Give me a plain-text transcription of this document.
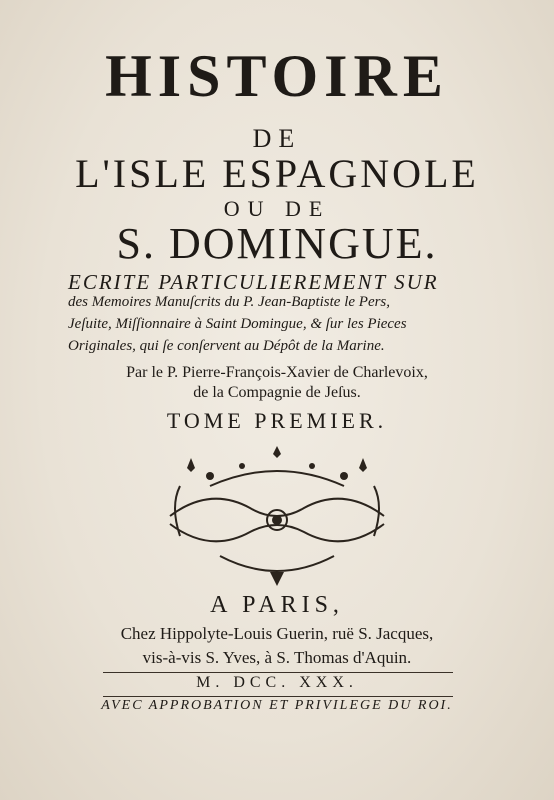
HISTOIRE
DE
L'ISLE ESPAGNOLE
OU DE
S. DOMINGUE.
ECRITE PARTICULIEREMENT SUR
des Memoires Manuſcrits du P. Jean-Baptiste le Pers,
Jeſuite, Miſſionnaire à Saint Domingue, & ſur les Pieces
Originales, qui ſe conſervent au Dépôt de la Marine.
Par le P. Pierre-François-Xavier de Charlevoix,
de la Compagnie de Jeſus.
TOME PREMIER.
A PARIS,
Chez Hippolyte-Louis Guerin, ruë S. Jacques,
vis-à-vis S. Yves, à S. Thomas d'Aquin.
M. DCC. XXX.
AVEC APPROBATION ET PRIVILEGE DU ROI.
